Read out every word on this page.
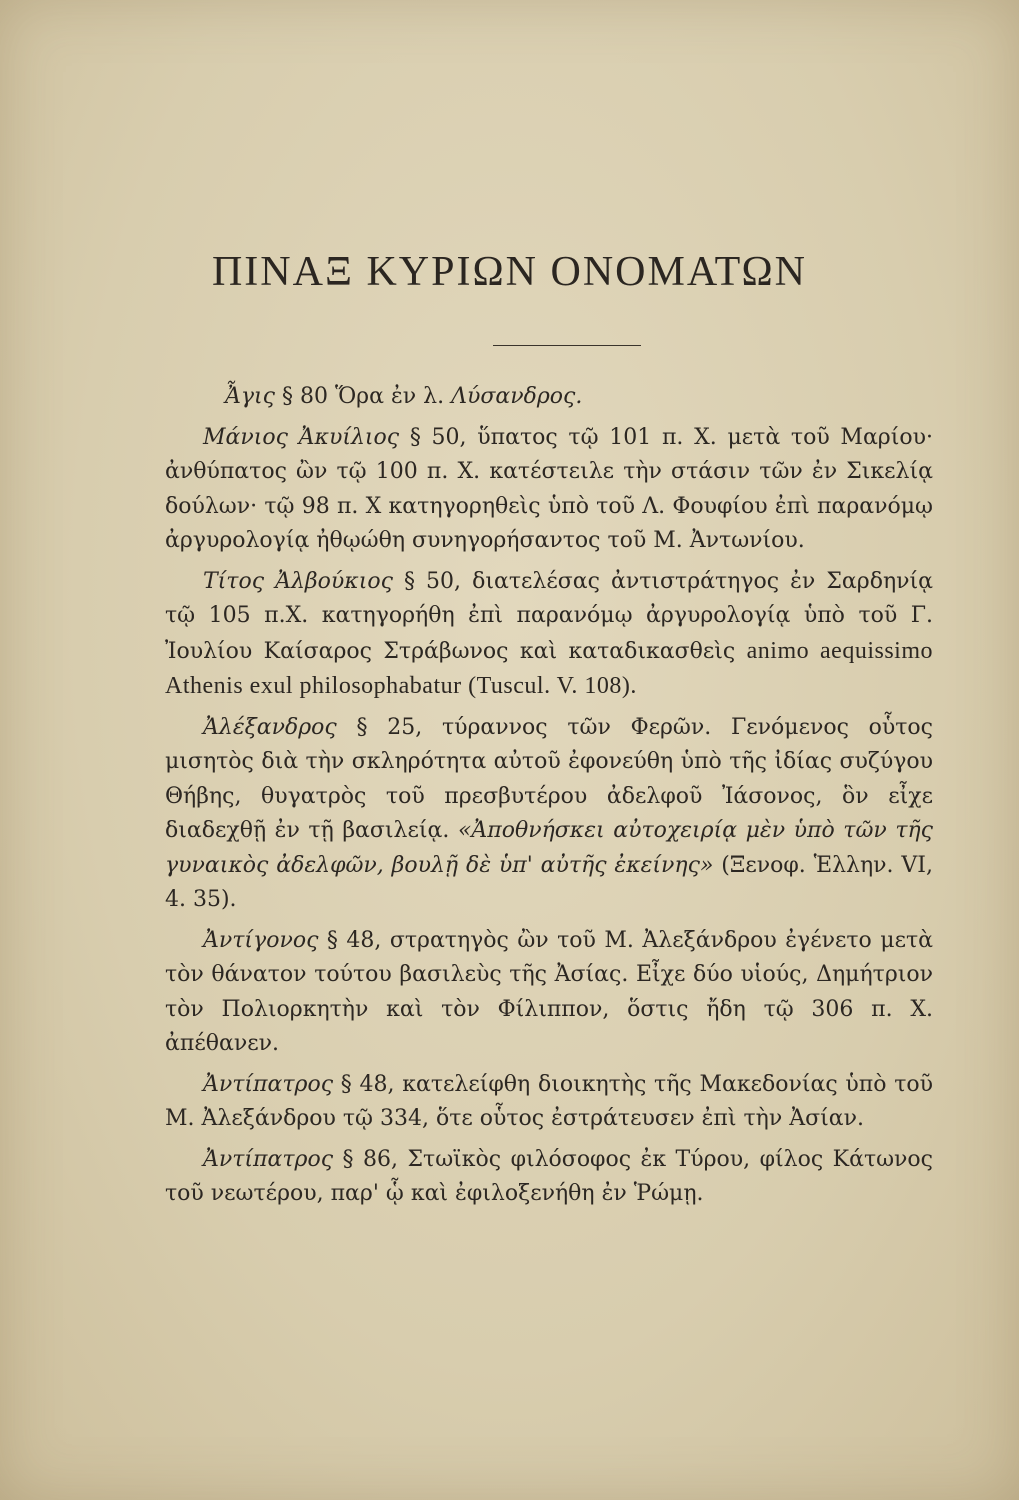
ΠΙΝΑΞ ΚΥΡΙΩΝ ΟΝΟΜΑΤΩΝ

Ἆγις § 80 Ὅρα ἐν λ. Λύσανδρος.

Μάνιος Ἀκυίλιος § 50, ὕπατος τῷ 101 π. Χ. μετὰ τοῦ Μαρίου· ἀνθύπατος ὢν τῷ 100 π. Χ. κατέστειλε τὴν στάσιν τῶν ἐν Σικελίᾳ δούλων· τῷ 98 π. Χ κατηγορηθεὶς ὑπὸ τοῦ Λ. Φουφίου ἐπὶ παρανόμῳ ἀργυρολογίᾳ ἠθῳώθη συνηγορήσαντος τοῦ Μ. Ἀντωνίου.

Τίτος Ἀλβούκιος § 50, διατελέσας ἀντιστράτηγος ἐν Σαρδηνίᾳ τῷ 105 π.Χ. κατηγορήθη ἐπὶ παρανόμῳ ἀργυρολογίᾳ ὑπὸ τοῦ Γ. Ἰουλίου Καίσαρος Στράβωνος καὶ καταδικασθεὶς animo aequissimo Athenis exul philosophabatur (Tuscul. V. 108).

Ἀλέξανδρος § 25, τύραννος τῶν Φερῶν. Γενόμενος οὗτος μισητὸς διὰ τὴν σκληρότητα αὐτοῦ ἐφονεύθη ὑπὸ τῆς ἰδίας συζύγου Θήβης, θυγατρὸς τοῦ πρεσβυτέρου ἀδελφοῦ Ἰάσονος, ὃν εἶχε διαδεχθῇ ἐν τῇ βασιλείᾳ. «Ἀποθνήσκει αὐτοχειρίᾳ μὲν ὑπὸ τῶν τῆς γυναικὸς ἀδελφῶν, βουλῇ δὲ ὑπ' αὐτῆς ἐκείνης» (Ξενοφ. Ἑλλην. VI, 4. 35).

Ἀντίγονος § 48, στρατηγὸς ὢν τοῦ Μ. Ἀλεξάνδρου ἐγένετο μετὰ τὸν θάνατον τούτου βασιλεὺς τῆς Ἀσίας. Εἶχε δύο υἱούς, Δημήτριον τὸν Πολιορκητὴν καὶ τὸν Φίλιππον, ὅστις ἤδη τῷ 306 π. Χ. ἀπέθανεν.

Ἀντίπατρος § 48, κατελείφθη διοικητὴς τῆς Μακεδονίας ὑπὸ τοῦ Μ. Ἀλεξάνδρου τῷ 334, ὅτε οὗτος ἐστράτευσεν ἐπὶ τὴν Ἀσίαν.

Ἀντίπατρος § 86, Στωϊκὸς φιλόσοφος ἐκ Τύρου, φίλος Κάτωνος τοῦ νεωτέρου, παρ' ᾧ καὶ ἐφιλοξενήθη ἐν Ῥώμῃ.
